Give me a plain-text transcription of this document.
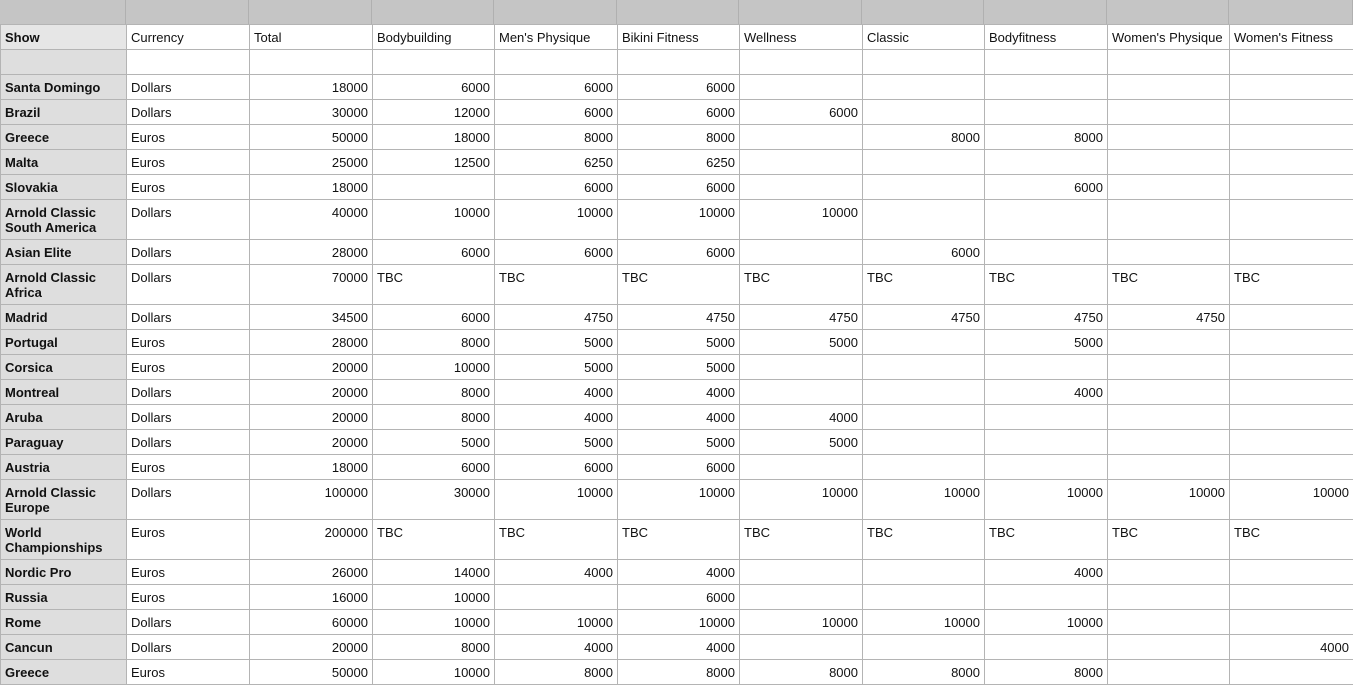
Show	Currency	Total	Bodybuilding	Men's Physique	Bikini Fitness	Wellness	Classic	Bodyfitness	Women's Physique	Women's Fitness

Santa Domingo	Dollars	18000	6000	6000	6000					
Brazil	Dollars	30000	12000	6000	6000	6000				
Greece	Euros	50000	18000	8000	8000		8000	8000		
Malta	Euros	25000	12500	6250	6250					
Slovakia	Euros	18000		6000	6000			6000		
Arnold Classic South America	Dollars	40000	10000	10000	10000	10000				
Asian Elite	Dollars	28000	6000	6000	6000		6000			
Arnold Classic Africa	Dollars	70000	TBC	TBC	TBC	TBC	TBC	TBC	TBC	TBC
Madrid	Dollars	34500	6000	4750	4750	4750	4750	4750	4750	
Portugal	Euros	28000	8000	5000	5000	5000		5000		
Corsica	Euros	20000	10000	5000	5000					
Montreal	Dollars	20000	8000	4000	4000			4000		
Aruba	Dollars	20000	8000	4000	4000	4000				
Paraguay	Dollars	20000	5000	5000	5000	5000				
Austria	Euros	18000	6000	6000	6000					
Arnold Classic Europe	Dollars	100000	30000	10000	10000	10000	10000	10000	10000	10000
World Championships	Euros	200000	TBC	TBC	TBC	TBC	TBC	TBC	TBC	TBC
Nordic Pro	Euros	26000	14000	4000	4000			4000		
Russia	Euros	16000	10000		6000					
Rome	Dollars	60000	10000	10000	10000	10000	10000	10000		
Cancun	Dollars	20000	8000	4000	4000					4000
Greece	Euros	50000	10000	8000	8000	8000	8000	8000		
